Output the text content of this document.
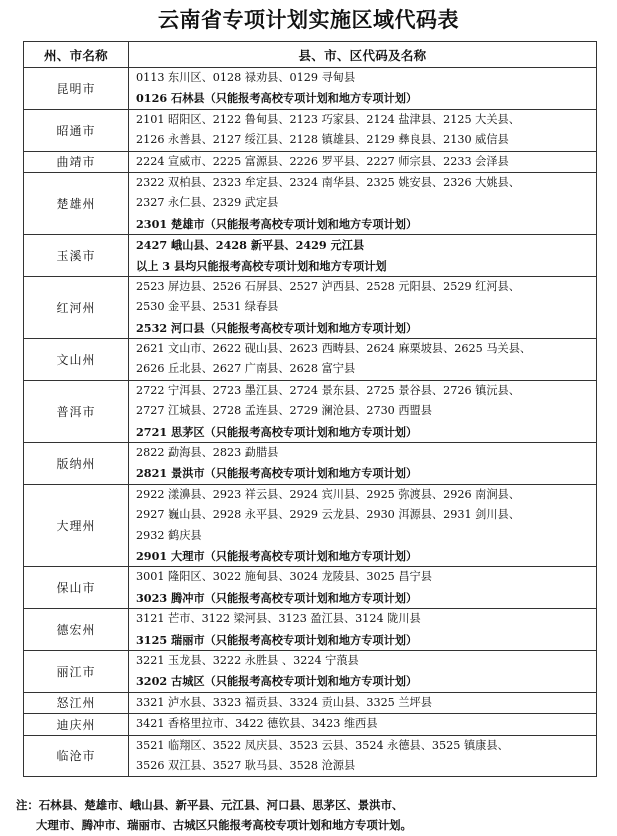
云南省专项计划实施区域代码表
州、市名称	县、市、区代码及名称
昆明市	0113 东川区、0128 禄劝县、0129 寻甸县
0126 石林县（只能报考高校专项计划和地方专项计划）

昭通市	2101 昭阳区、2122 鲁甸县、2123 巧家县、2124 盐津县、2125 大关县、
2126 永善县、2127 绥江县、2128 镇雄县、2129 彝良县、2130 威信县

曲靖市	2224 宣威市、2225 富源县、2226 罗平县、2227 师宗县、2233 会泽县

楚雄州	2322 双柏县、2323 牟定县、2324 南华县、2325 姚安县、2326 大姚县、
2327 永仁县、2329 武定县
2301 楚雄市（只能报考高校专项计划和地方专项计划）

玉溪市	2427 峨山县、2428 新平县、2429 元江县
以上 3 县均只能报考高校专项计划和地方专项计划

红河州	2523 屏边县、2526 石屏县、2527 泸西县、2528 元阳县、2529 红河县、
2530 金平县、2531 绿春县
2532 河口县（只能报考高校专项计划和地方专项计划）

文山州	2621 文山市、2622 砚山县、2623 西畴县、2624 麻栗坡县、2625 马关县、
2626 丘北县、2627 广南县、2628 富宁县

普洱市	2722 宁洱县、2723 墨江县、2724 景东县、2725 景谷县、2726 镇沅县、
2727 江城县、2728 孟连县、2729 澜沧县、2730 西盟县
2721 思茅区（只能报考高校专项计划和地方专项计划）

版纳州	2822 勐海县、2823 勐腊县
2821 景洪市（只能报考高校专项计划和地方专项计划）

大理州	2922 漾濞县、2923 祥云县、2924 宾川县、2925 弥渡县、2926 南涧县、
2927 巍山县、2928 永平县、2929 云龙县、2930 洱源县、2931 剑川县、
2932 鹤庆县
2901 大理市（只能报考高校专项计划和地方专项计划）

保山市	3001 隆阳区、3022 施甸县、3024 龙陵县、3025 昌宁县
3023 腾冲市（只能报考高校专项计划和地方专项计划）

德宏州	3121 芒市、3122 梁河县、3123 盈江县、3124 陇川县
3125 瑞丽市（只能报考高校专项计划和地方专项计划）

丽江市	3221 玉龙县、3222 永胜县 、3224 宁蒗县
3202 古城区（只能报考高校专项计划和地方专项计划）

怒江州	3321 泸水县、3323 福贡县、3324 贡山县、3325 兰坪县

迪庆州	3421 香格里拉市、3422 德钦县、3423 维西县

临沧市	3521 临翔区、3522 凤庆县、3523 云县、3524 永德县、3525 镇康县、
3526 双江县、3527 耿马县、3528 沧源县
注：石林县、楚雄市、峨山县、新平县、元江县、河口县、思茅区、景洪市、
大理市、腾冲市、瑞丽市、古城区只能报考高校专项计划和地方专项计划。
